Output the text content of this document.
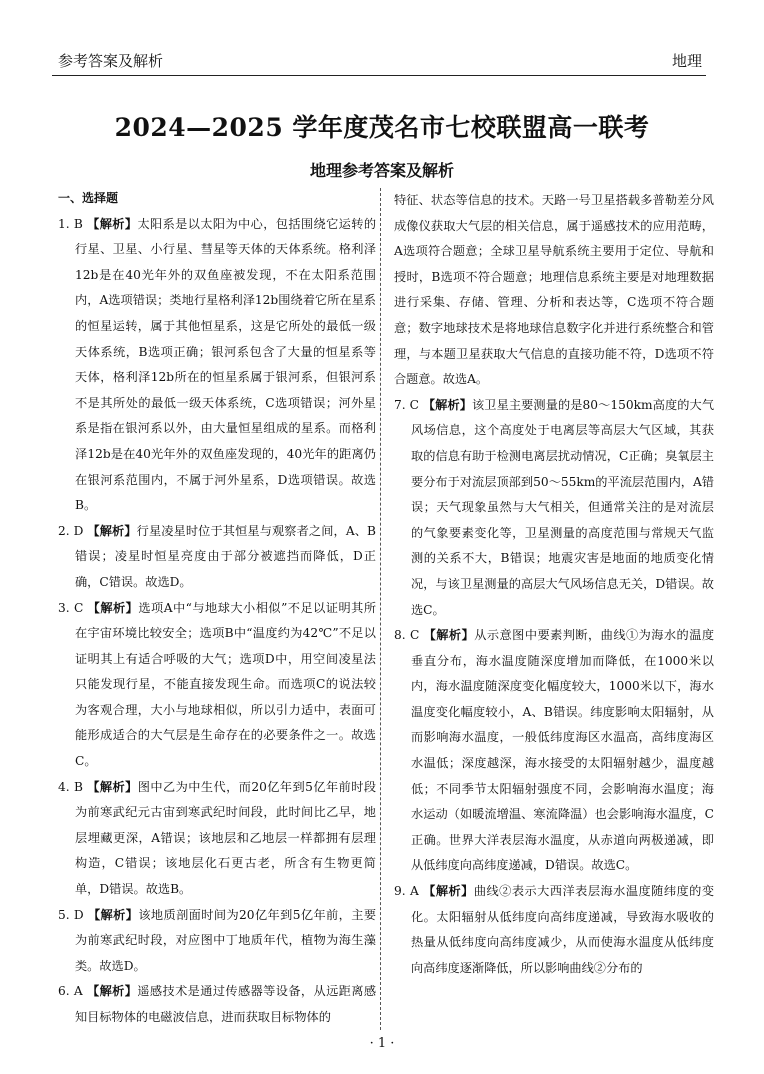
参考答案及解析	地理
2024—2025 学年度茂名市七校联盟高一联考
地理参考答案及解析
一、选择题

1. B 【解析】太阳系是以太阳为中心，包括围绕它运转的行星、卫星、小行星、彗星等天体的天体系统。格利泽12b是在40光年外的双鱼座被发现，不在太阳系范围内，A选项错误；类地行星格利泽12b围绕着它所在星系的恒星运转，属于其他恒星系，这是它所处的最低一级天体系统，B选项正确；银河系包含了大量的恒星系等天体，格利泽12b所在的恒星系属于银河系，但银河系不是其所处的最低一级天体系统，C选项错误；河外星系是指在银河系以外，由大量恒星组成的星系。而格利泽12b是在40光年外的双鱼座发现的，40光年的距离仍在银河系范围内，不属于河外星系，D选项错误。故选B。

2. D 【解析】行星凌星时位于其恒星与观察者之间，A、B错误；凌星时恒星亮度由于部分被遮挡而降低，D正确，C错误。故选D。

3. C 【解析】选项A中“与地球大小相似”不足以证明其所在宇宙环境比较安全；选项B中“温度约为42℃”不足以证明其上有适合呼吸的大气；选项D中，用空间凌星法只能发现行星，不能直接发现生命。而选项C的说法较为客观合理，大小与地球相似，所以引力适中，表面可能形成适合的大气层是生命存在的必要条件之一。故选C。

4. B 【解析】图中乙为中生代，而20亿年到5亿年前时段为前寒武纪元古宙到寒武纪时间段，此时间比乙早，地层埋藏更深，A错误；该地层和乙地层一样都拥有层理构造，C错误；该地层化石更古老，所含有生物更简单，D错误。故选B。

5. D 【解析】该地质剖面时间为20亿年到5亿年前，主要为前寒武纪时段，对应图中丁地质年代，植物为海生藻类。故选D。

6. A 【解析】遥感技术是通过传感器等设备，从远距离感知目标物体的电磁波信息，进而获取目标物体的

特征、状态等信息的技术。天路一号卫星搭载多普勒差分风成像仪获取大气层的相关信息，属于遥感技术的应用范畴，A选项符合题意；全球卫星导航系统主要用于定位、导航和授时，B选项不符合题意；地理信息系统主要是对地理数据进行采集、存储、管理、分析和表达等，C选项不符合题意；数字地球技术是将地球信息数字化并进行系统整合和管理，与本题卫星获取大气信息的直接功能不符，D选项不符合题意。故选A。

7. C 【解析】该卫星主要测量的是80～150km高度的大气风场信息，这个高度处于电离层等高层大气区域，其获取的信息有助于检测电离层扰动情况，C正确；臭氧层主要分布于对流层顶部到50～55km的平流层范围内，A错误；天气现象虽然与大气相关，但通常关注的是对流层的气象要素变化等，卫星测量的高度范围与常规天气监测的关系不大，B错误；地震灾害是地面的地质变化情况，与该卫星测量的高层大气风场信息无关，D错误。故选C。

8. C 【解析】从示意图中要素判断，曲线①为海水的温度垂直分布，海水温度随深度增加而降低，在1000米以内，海水温度随深度变化幅度较大，1000米以下，海水温度变化幅度较小，A、B错误。纬度影响太阳辐射，从而影响海水温度，一般低纬度海区水温高，高纬度海区水温低；深度越深，海水接受的太阳辐射越少，温度越低；不同季节太阳辐射强度不同，会影响海水温度；海水运动（如暖流增温、寒流降温）也会影响海水温度，C正确。世界大洋表层海水温度，从赤道向两极递减，即从低纬度向高纬度递减，D错误。故选C。

9. A 【解析】曲线②表示大西洋表层海水温度随纬度的变化。太阳辐射从低纬度向高纬度递减，导致海水吸收的热量从低纬度向高纬度减少，从而使海水温度从低纬度向高纬度逐渐降低，所以影响曲线②分布的

· 1 ·
